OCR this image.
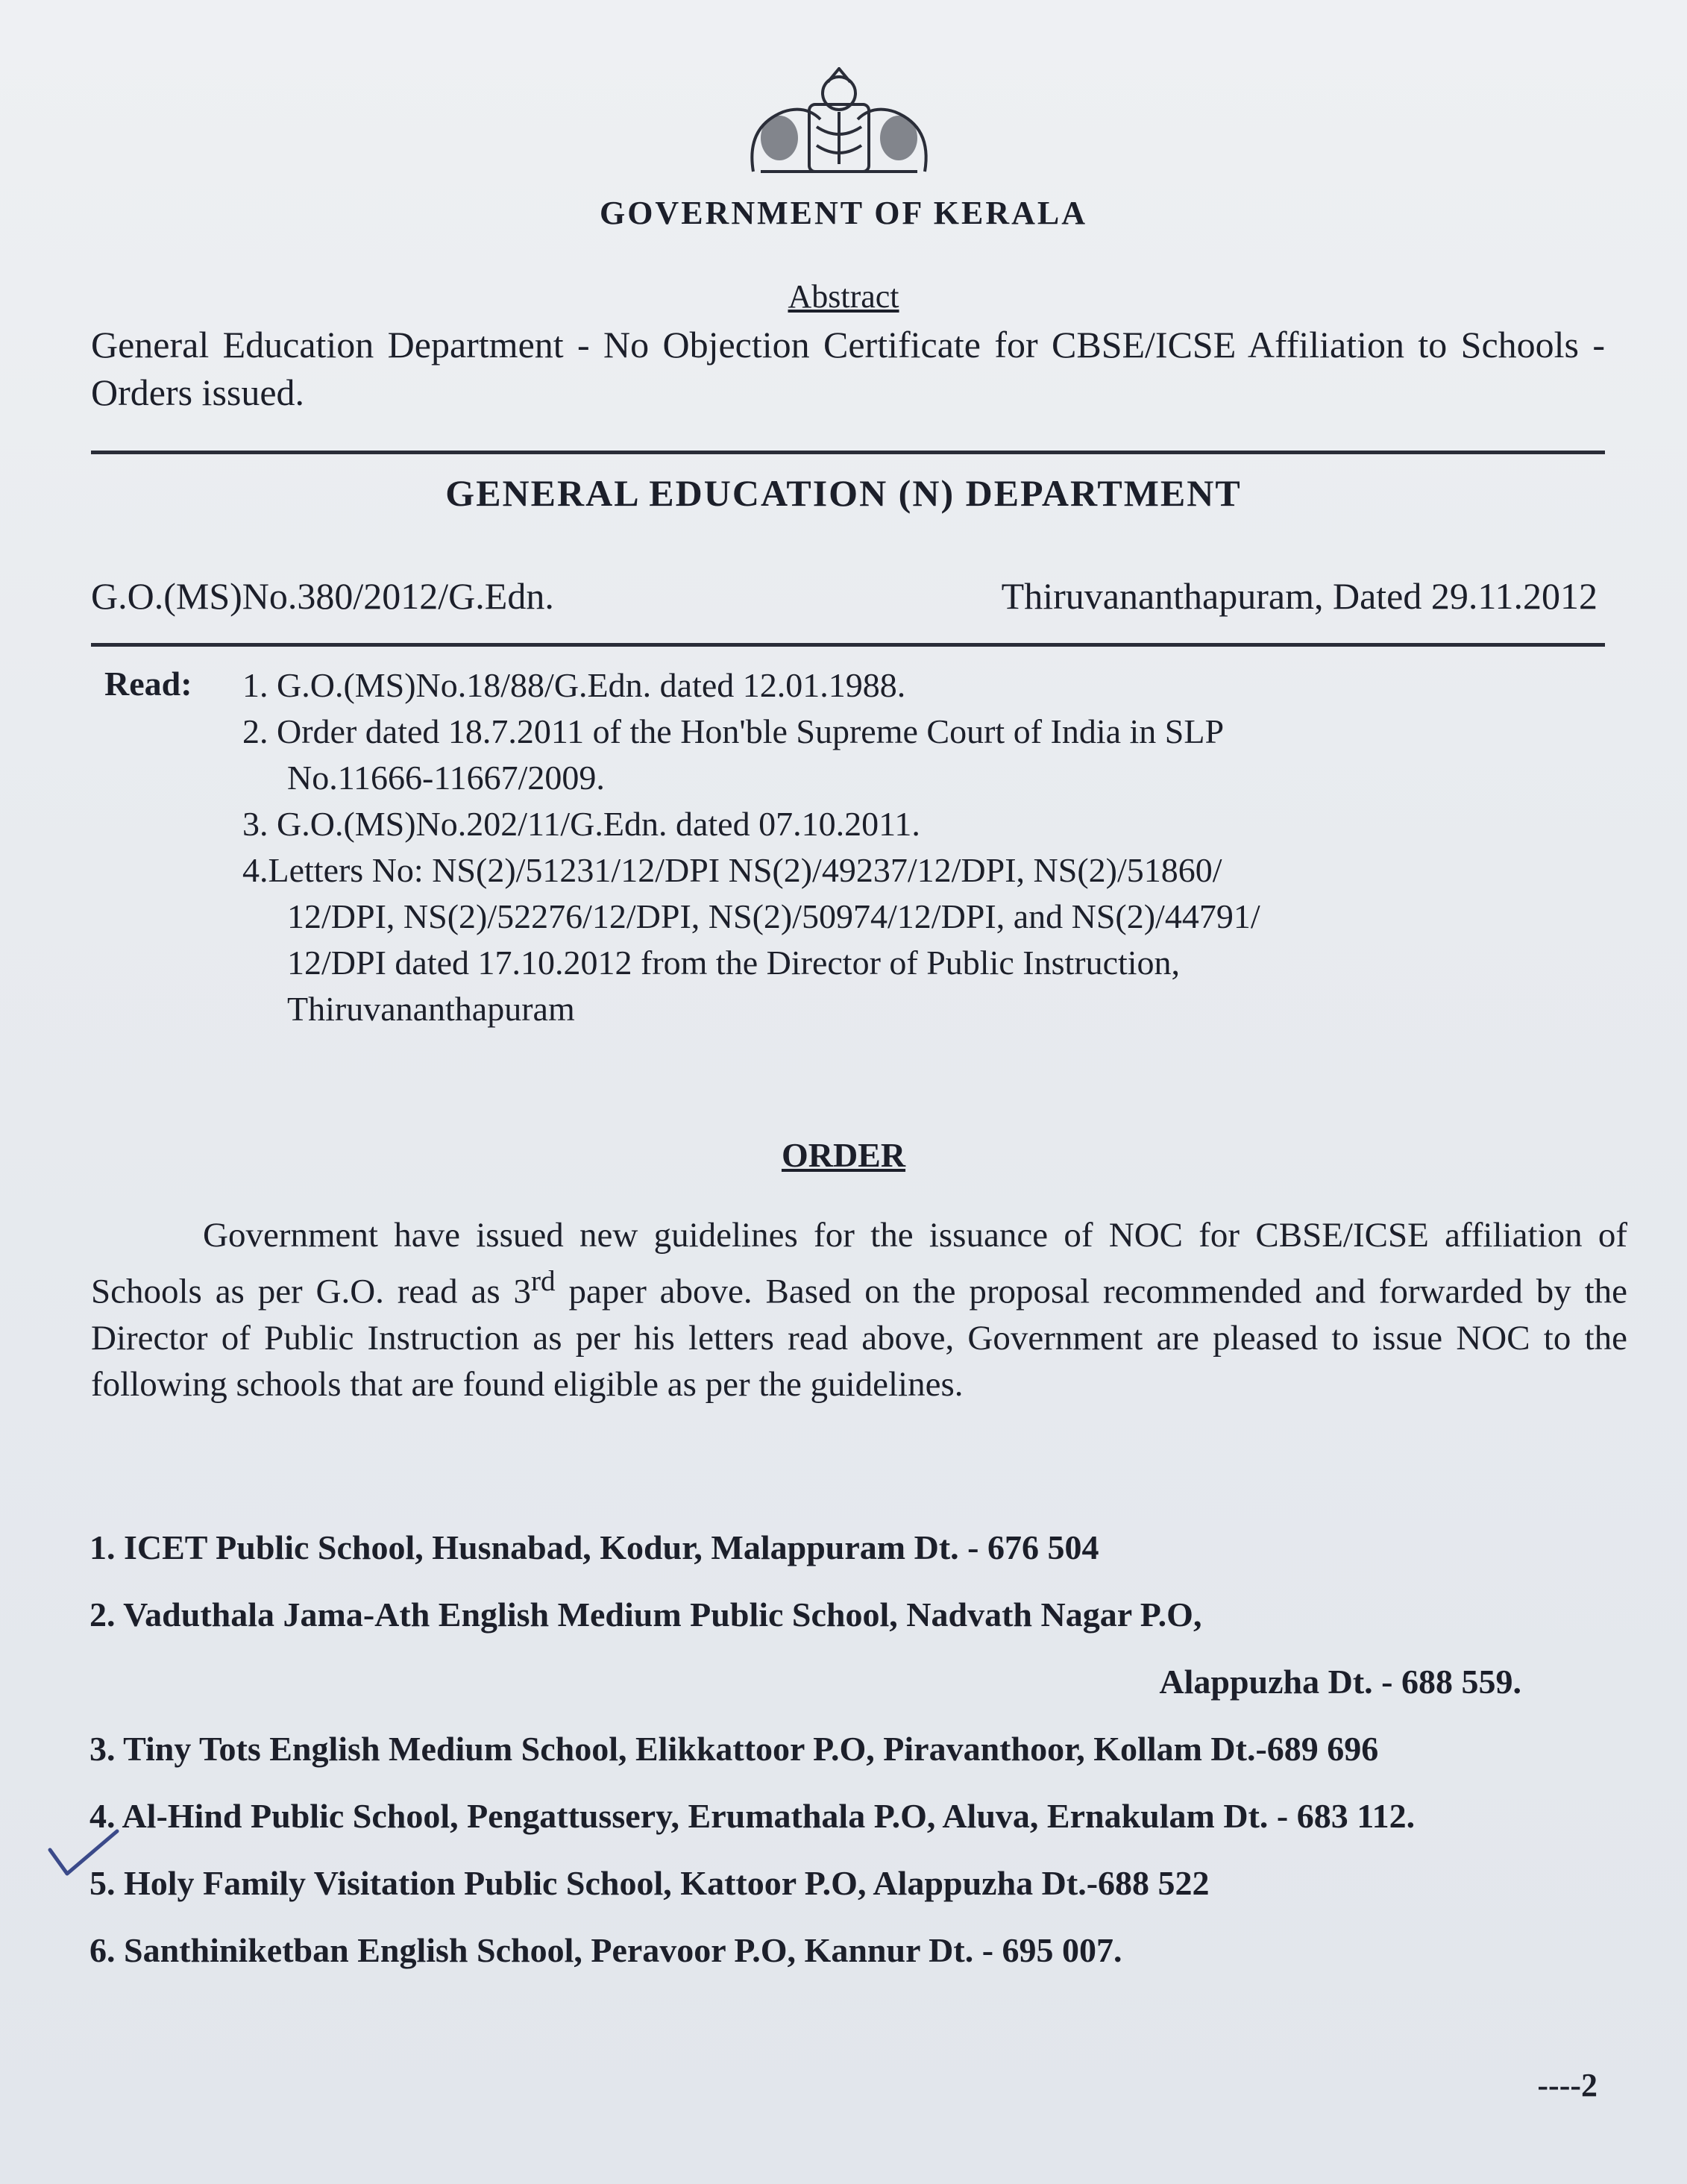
GOVERNMENT OF KERALA
Abstract
General Education Department - No Objection Certificate for CBSE/ICSE Affiliation to Schools - Orders issued.
GENERAL EDUCATION (N) DEPARTMENT
G.O.(MS)No.380/2012/G.Edn.	Thiruvananthapuram, Dated 29.11.2012
Read: 1. G.O.(MS)No.18/88/G.Edn. dated 12.01.1988.
2. Order dated 18.7.2011 of the Hon'ble Supreme Court of India in SLP
No.11666-11667/2009.
3. G.O.(MS)No.202/11/G.Edn. dated 07.10.2011.
4.Letters No: NS(2)/51231/12/DPI NS(2)/49237/12/DPI, NS(2)/51860/
12/DPI, NS(2)/52276/12/DPI, NS(2)/50974/12/DPI, and NS(2)/44791/
12/DPI dated 17.10.2012 from the Director of Public Instruction,
Thiruvananthapuram
ORDER
Government have issued new guidelines for the issuance of NOC for CBSE/ICSE affiliation of Schools as per G.O. read as 3rd paper above. Based on the proposal recommended and forwarded by the Director of Public Instruction as per his letters read above, Government are pleased to issue NOC to the following schools that are found eligible as per the guidelines.
1. ICET Public School, Husnabad, Kodur, Malappuram Dt. - 676 504
2. Vaduthala Jama-Ath English Medium Public School, Nadvath Nagar P.O,
Alappuzha Dt. - 688 559.
3. Tiny Tots English Medium School, Elikkattoor P.O, Piravanthoor, Kollam Dt.-689 696
4. Al-Hind Public School, Pengattussery, Erumathala P.O, Aluva, Ernakulam Dt. - 683 112.
5. Holy Family Visitation Public School, Kattoor P.O, Alappuzha Dt.-688 522
6. Santhiniketban English School, Peravoor P.O, Kannur Dt. - 695 007.
----2
